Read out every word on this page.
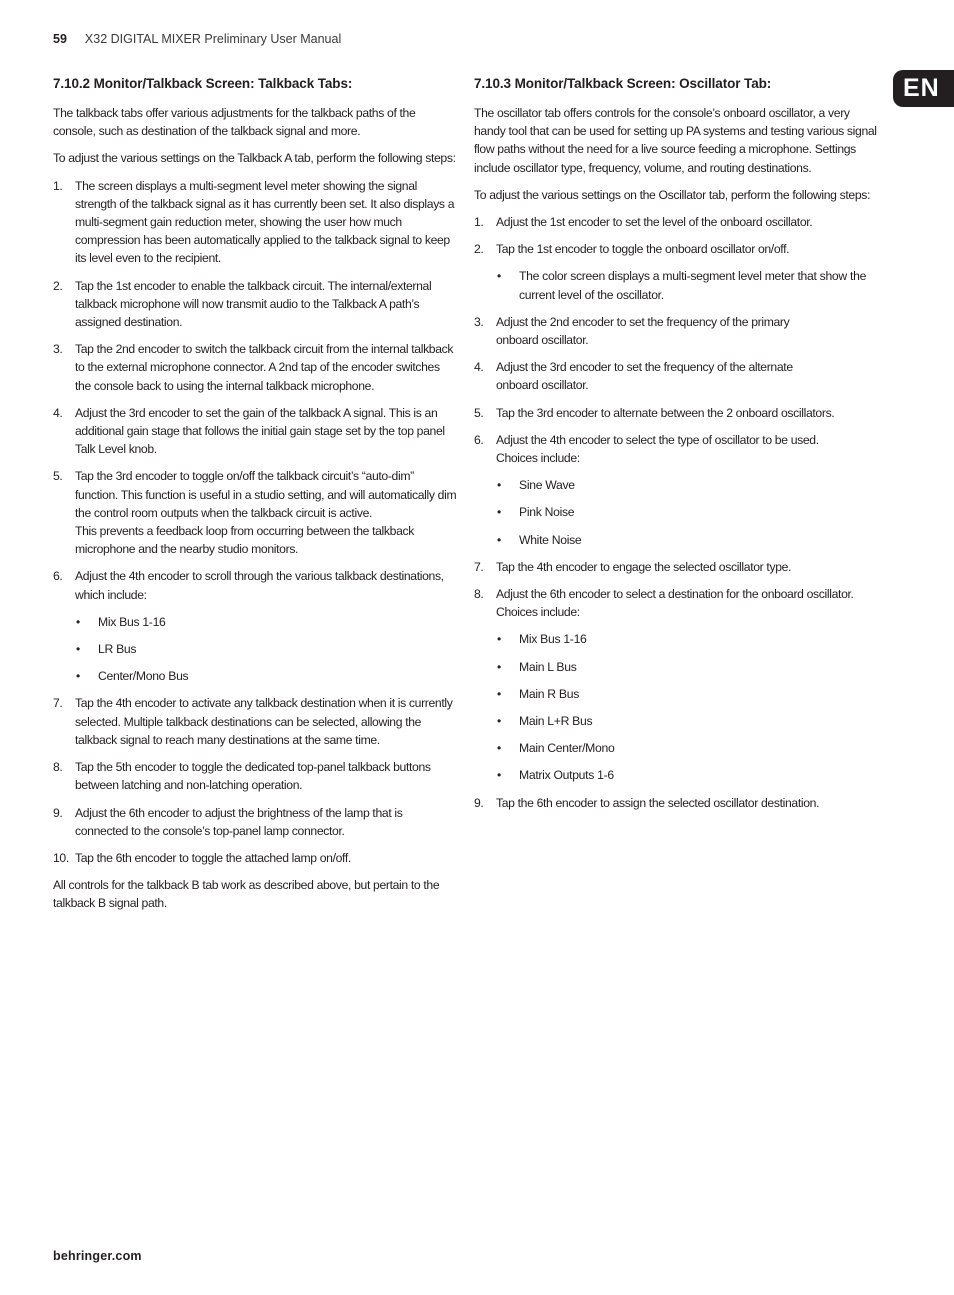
59 X32 DIGITAL MIXER Preliminary User Manual
EN
7.10.2 Monitor/Talkback Screen: Talkback Tabs:

The talkback tabs offer various adjustments for the talkback paths of the console, such as destination of the talkback signal and more.

To adjust the various settings on the Talkback A tab, perform the following steps:

1. The screen displays a multi-segment level meter showing the signal strength of the talkback signal as it has currently been set. It also displays a multi-segment gain reduction meter, showing the user how much compression has been automatically applied to the talkback signal to keep its level even to the recipient.
2. Tap the 1st encoder to enable the talkback circuit. The internal/external talkback microphone will now transmit audio to the Talkback A path’s assigned destination.
3. Tap the 2nd encoder to switch the talkback circuit from the internal talkback to the external microphone connector. A 2nd tap of the encoder switches the console back to using the internal talkback microphone.
4. Adjust the 3rd encoder to set the gain of the talkback A signal. This is an additional gain stage that follows the initial gain stage set by the top panel Talk Level knob.
5. Tap the 3rd encoder to toggle on/off the talkback circuit’s “auto-dim” function. This function is useful in a studio setting, and will automatically dim the control room outputs when the talkback circuit is active.
This prevents a feedback loop from occurring between the talkback microphone and the nearby studio monitors.
6. Adjust the 4th encoder to scroll through the various talkback destinations, which include:
• Mix Bus 1-16
• LR Bus
• Center/Mono Bus
7. Tap the 4th encoder to activate any talkback destination when it is currently selected. Multiple talkback destinations can be selected, allowing the talkback signal to reach many destinations at the same time.
8. Tap the 5th encoder to toggle the dedicated top-panel talkback buttons between latching and non-latching operation.
9. Adjust the 6th encoder to adjust the brightness of the lamp that is connected to the console’s top-panel lamp connector.
10. Tap the 6th encoder to toggle the attached lamp on/off.

All controls for the talkback B tab work as described above, but pertain to the talkback B signal path.

7.10.3 Monitor/Talkback Screen: Oscillator Tab:

The oscillator tab offers controls for the console’s onboard oscillator, a very handy tool that can be used for setting up PA systems and testing various signal flow paths without the need for a live source feeding a microphone. Settings include oscillator type, frequency, volume, and routing destinations.

To adjust the various settings on the Oscillator tab, perform the following steps:

1. Adjust the 1st encoder to set the level of the onboard oscillator.
2. Tap the 1st encoder to toggle the onboard oscillator on/off.
• The color screen displays a multi-segment level meter that show the current level of the oscillator.
3. Adjust the 2nd encoder to set the frequency of the primary
onboard oscillator.
4. Adjust the 3rd encoder to set the frequency of the alternate
onboard oscillator.
5. Tap the 3rd encoder to alternate between the 2 onboard oscillators.
6. Adjust the 4th encoder to select the type of oscillator to be used.
Choices include:
• Sine Wave
• Pink Noise
• White Noise
7. Tap the 4th encoder to engage the selected oscillator type.
8. Adjust the 6th encoder to select a destination for the onboard oscillator.
Choices include:
• Mix Bus 1-16
• Main L Bus
• Main R Bus
• Main L+R Bus
• Main Center/Mono
• Matrix Outputs 1-6
9. Tap the 6th encoder to assign the selected oscillator destination.
behringer.com
